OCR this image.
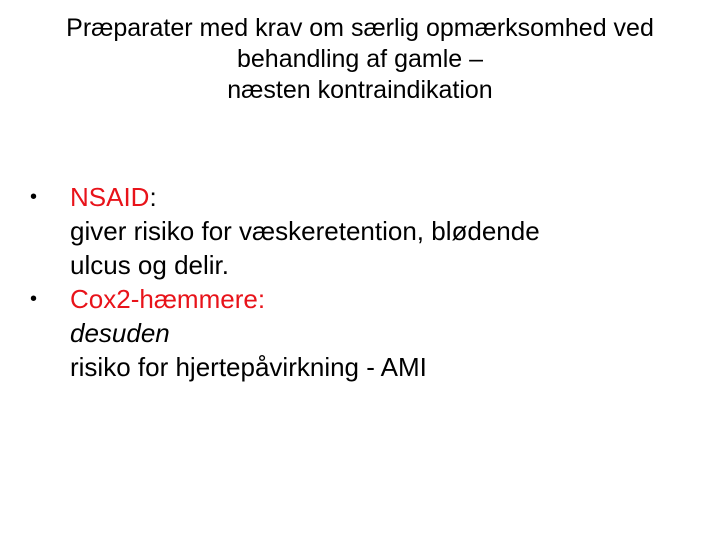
Præparater med krav om særlig opmærksomhed ved
behandling af gamle –
næsten kontraindikation
•	NSAID:
giver risiko for væskeretention, blødende
ulcus og delir.
•	Cox2-hæmmere:
desuden
risiko for hjertepåvirkning - AMI
